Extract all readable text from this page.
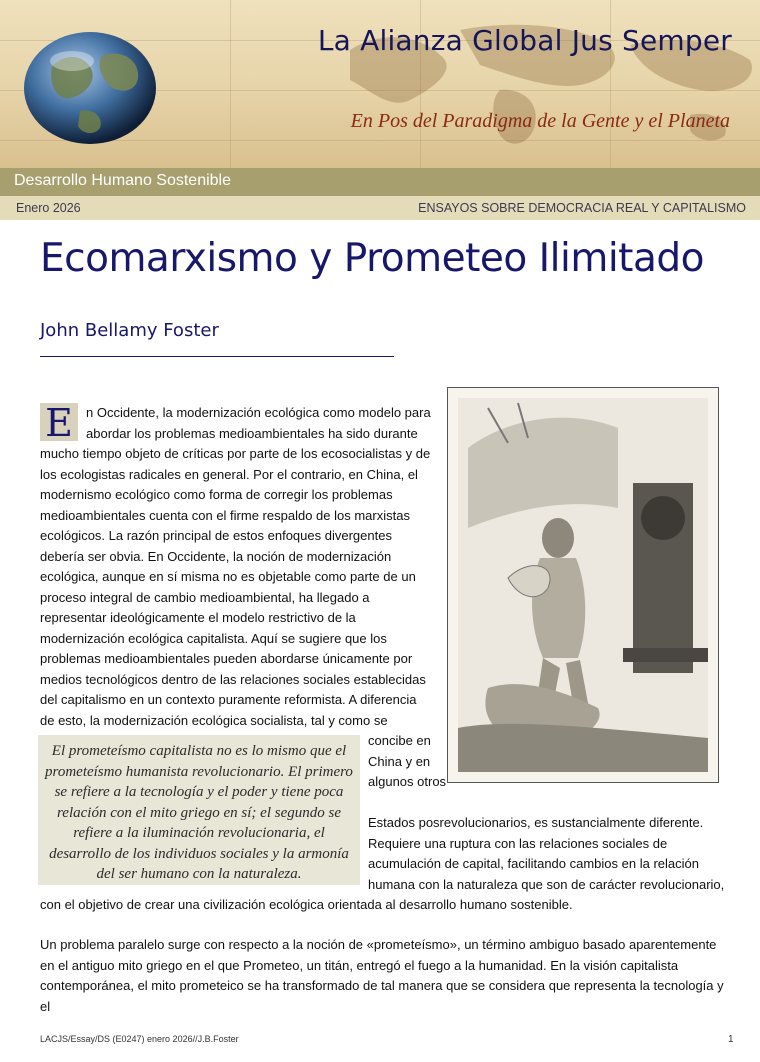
La Alianza Global Jus Semper
En Pos del Paradigma de la Gente y el Planeta
Desarrollo Humano Sostenible
Enero 2026	ENSAYOS SOBRE DEMOCRACIA REAL Y CAPITALISMO
Ecomarxismo y Prometeo Ilimitado
John Bellamy Foster
E	n Occidente, la modernización ecológica como modelo para abordar los problemas medioambientales ha sido durante mucho tiempo objeto de críticas por parte de los ecosocialistas y de los ecologistas radicales en general. Por el contrario, en China, el modernismo ecológico como forma de corregir los problemas medioambientales cuenta con el firme respaldo de los marxistas ecológicos. La razón principal de estos enfoques divergentes debería ser obvia. En Occidente, la noción de modernización ecológica, aunque en sí misma no es objetable como parte de un proceso integral de cambio medioambiental, ha llegado a representar ideológicamente el modelo restrictivo de la modernización ecológica capitalista. Aquí se sugiere que los problemas medioambientales pueden abordarse únicamente por medios tecnológicos dentro de las relaciones sociales establecidas del capitalismo en un contexto puramente reformista. A diferencia de esto, la modernización ecológica socialista, tal y como se

El prometeísmo capitalista no es lo mismo que el prometeísmo humanista revolucionario. El primero se refiere a la tecnología y el poder y tiene poca relación con el mito griego en sí; el segundo se refiere a la iluminación revolucionaria, el desarrollo de los individuos sociales y la armonía del ser humano con la naturaleza.

concibe en China y en algunos otros

Estados posrevolucionarios, es sustancialmente diferente. Requiere una ruptura con las relaciones sociales de acumulación de capital, facilitando cambios en la relación humana con la naturaleza que son de carácter revolucionario,

con el objetivo de crear una civilización ecológica orientada al desarrollo humano sostenible.

Un problema paralelo surge con respecto a la noción de «prometeísmo», un término ambiguo basado aparentemente en el antiguo mito griego en el que Prometeo, un titán, entregó el fuego a la humanidad. En la visión capitalista contemporánea, el mito prometeico se ha transformado de tal manera que se considera que representa la tecnología y el

LACJS/Essay/DS (E0247) enero 2026//J.B.Foster	1
